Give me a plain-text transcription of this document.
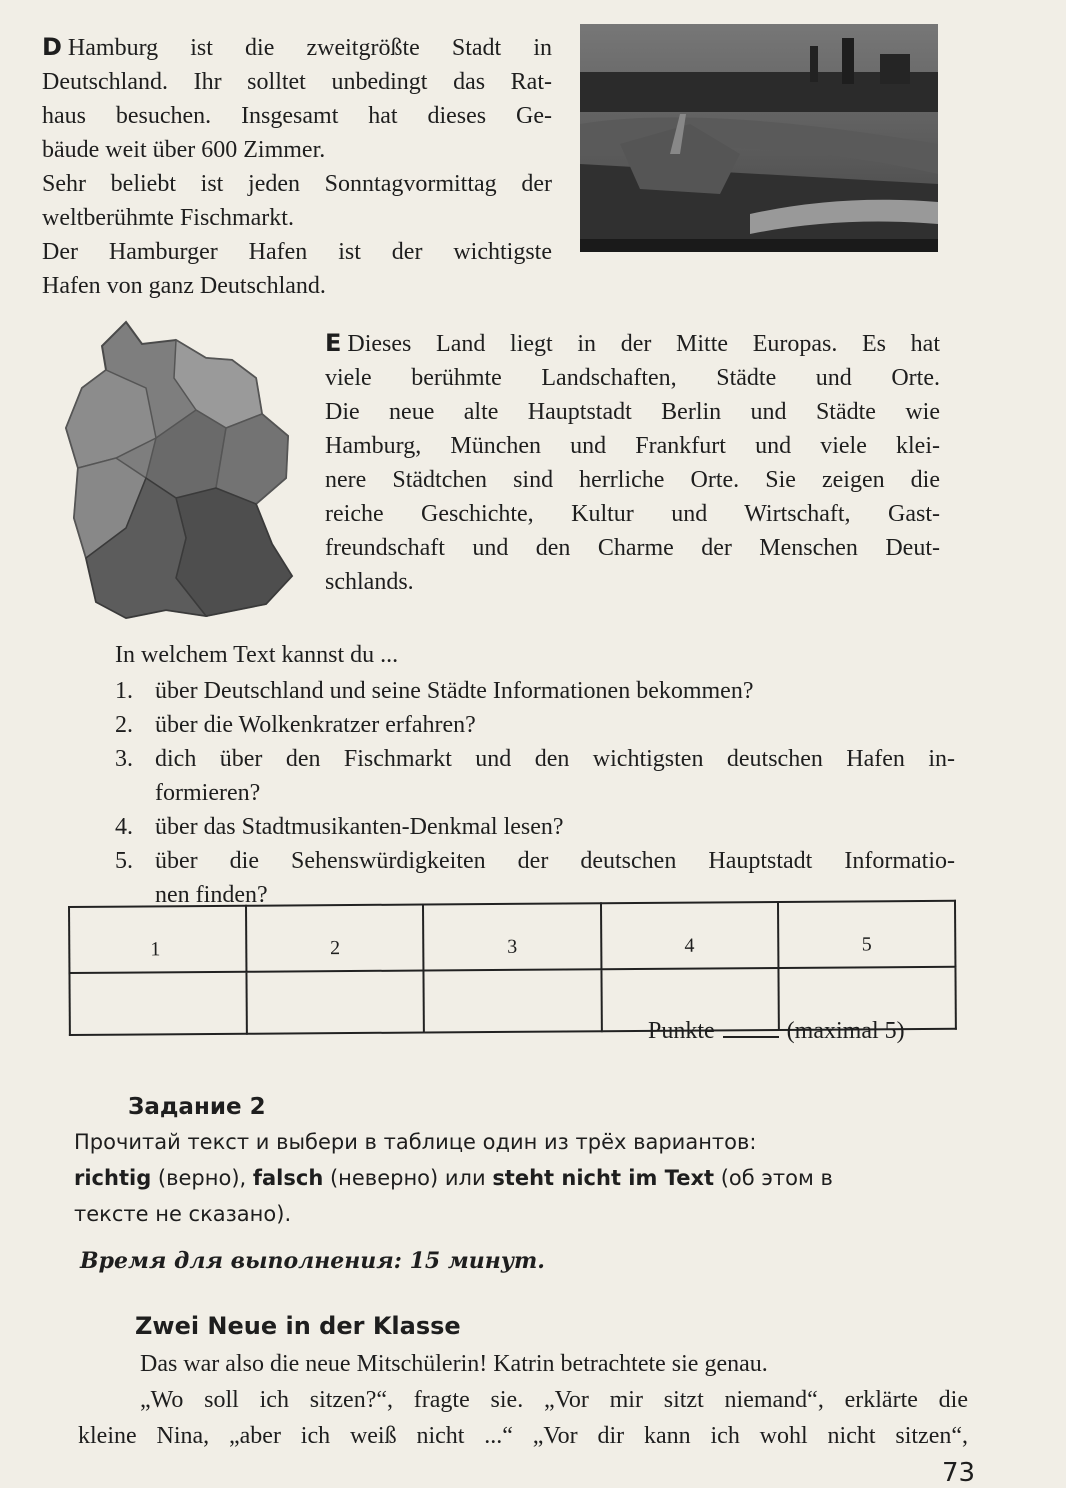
D Hamburg ist die zweitgrößte Stadt in
Deutschland. Ihr solltet unbedingt das Rat-
haus besuchen. Insgesamt hat dieses Ge-
bäude weit über 600 Zimmer.
Sehr beliebt ist jeden Sonntagvormittag der
weltberühmte Fischmarkt.
Der Hamburger Hafen ist der wichtigste
Hafen von ganz Deutschland.
E Dieses Land liegt in der Mitte Europas. Es hat
viele berühmte Landschaften, Städte und Orte.
Die neue alte Hauptstadt Berlin und Städte wie
Hamburg, München und Frankfurt und viele klei-
nere Städtchen sind herrliche Orte. Sie zeigen die
reiche Geschichte, Kultur und Wirtschaft, Gast-
freundschaft und den Charme der Menschen Deut-
schlands.
In welchem Text kannst du ...
1. über Deutschland und seine Städte Informationen bekommen?
2. über die Wolkenkratzer erfahren?
3. dich über den Fischmarkt und den wichtigsten deutschen Hafen in-
formieren?
4. über das Stadtmusikanten-Denkmal lesen?
5. über die Sehenswürdigkeiten der deutschen Hauptstadt Informatio-
nen finden?
1	2	3	4	5

Punkte	(maximal 5)
Задание 2
Прочитай текст и выбери в таблице один из трёх вариантов:
richtig (верно), falsch (неверно) или steht nicht im Text (об этом в
тексте не сказано).
Время для выполнения: 15 минут.
Zwei Neue in der Klasse
Das war also die neue Mitschülerin! Katrin betrachtete sie genau.
„Wo soll ich sitzen?“, fragte sie. „Vor mir sitzt niemand“, erklärte die
kleine Nina, „aber ich weiß nicht ...“ „Vor dir kann ich wohl nicht sitzen“,
73
